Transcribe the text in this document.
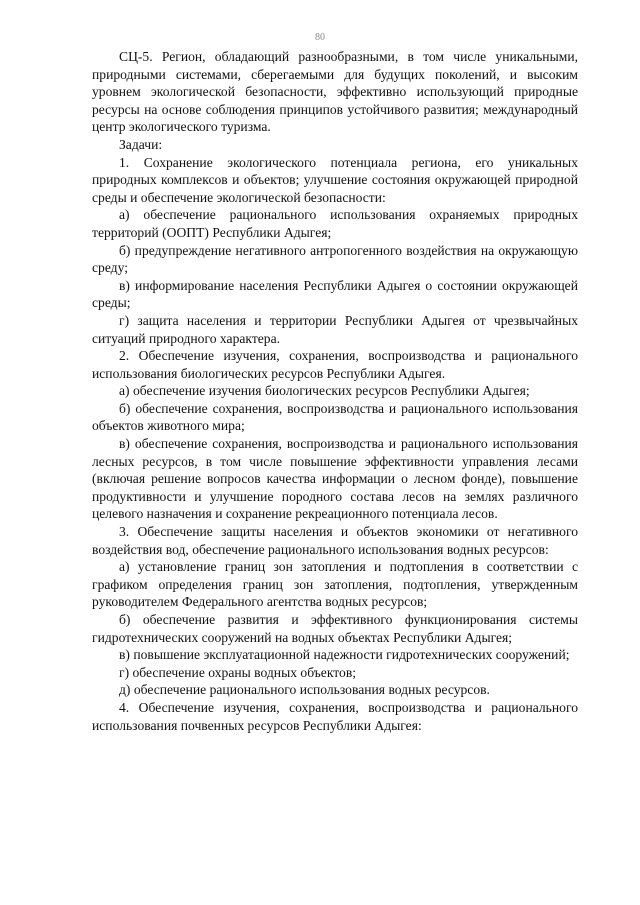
80

СЦ-5. Регион, обладающий разнообразными, в том числе уникальными, природными системами, сберегаемыми для будущих поколений, и высоким уровнем экологической безопасности, эффективно использующий природные ресурсы на основе соблюдения принципов устойчивого развития; международный центр экологического туризма.

Задачи:

1. Сохранение экологического потенциала региона, его уникальных природных комплексов и объектов; улучшение состояния окружающей природной среды и обеспечение экологической безопасности:

а) обеспечение рационального использования охраняемых природных территорий (ООПТ) Республики Адыгея;

б) предупреждение негативного антропогенного воздействия на окружающую среду;

в) информирование населения Республики Адыгея о состоянии окружающей среды;

г) защита населения и территории Республики Адыгея от чрезвычайных ситуаций природного характера.

2. Обеспечение изучения, сохранения, воспроизводства и рационального использования биологических ресурсов Республики Адыгея.

а) обеспечение изучения биологических ресурсов Республики Адыгея;

б) обеспечение сохранения, воспроизводства и рационального использования объектов животного мира;

в) обеспечение сохранения, воспроизводства и рационального использования лесных ресурсов, в том числе повышение эффективности управления лесами (включая решение вопросов качества информации о лесном фонде), повышение продуктивности и улучшение породного состава лесов на землях различного целевого назначения и сохранение рекреационного потенциала лесов.

3. Обеспечение защиты населения и объектов экономики от негативного воздействия вод, обеспечение рационального использования водных ресурсов:

а) установление границ зон затопления и подтопления в соответствии с графиком определения границ зон затопления, подтопления, утвержденным руководителем Федерального агентства водных ресурсов;

б) обеспечение развития и эффективного функционирования системы гидротехнических сооружений на водных объектах Республики Адыгея;

в) повышение эксплуатационной надежности гидротехнических сооружений;

г) обеспечение охраны водных объектов;

д) обеспечение рационального использования водных ресурсов.

4. Обеспечение изучения, сохранения, воспроизводства и рационального использования почвенных ресурсов Республики Адыгея:
